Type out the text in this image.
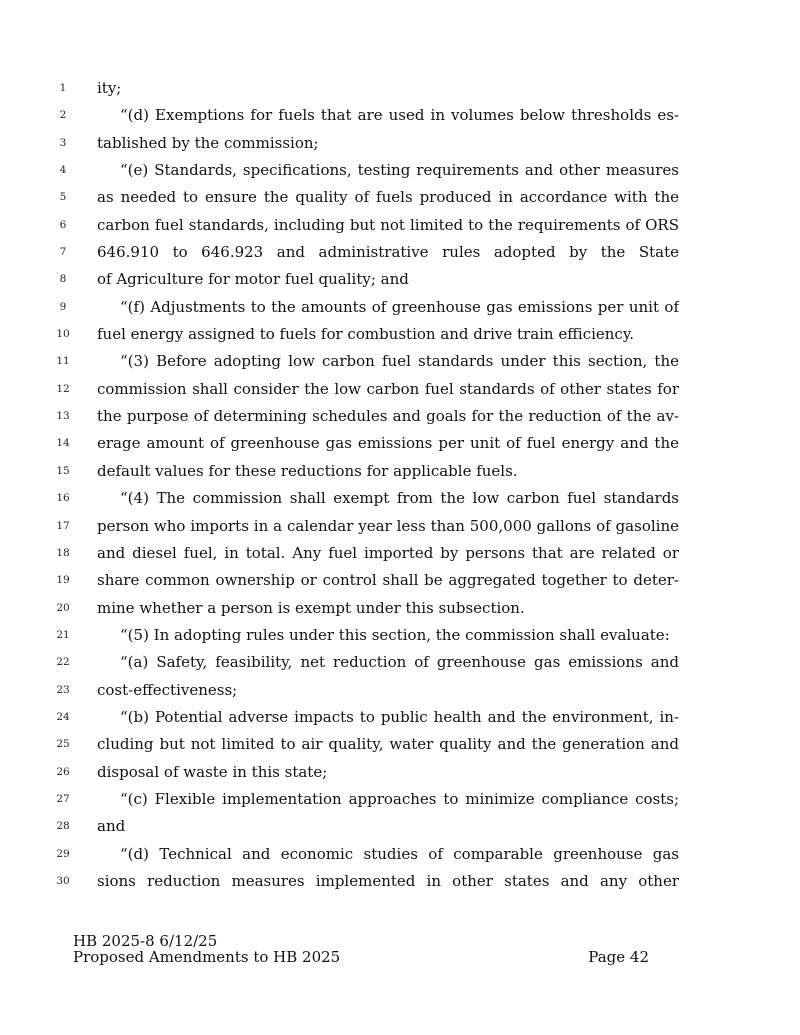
1	ity;
2	“(d) Exemptions for fuels that are used in volumes below thresholds es-
3	tablished by the commission;
4	“(e) Standards, specifications, testing requirements and other measures
5	as needed to ensure the quality of fuels produced in accordance with the
6	carbon fuel standards, including but not limited to the requirements of ORS
7	646.910 to 646.923 and administrative rules adopted by the State
8	of Agriculture for motor fuel quality; and
9	“(f) Adjustments to the amounts of greenhouse gas emissions per unit of
10	fuel energy assigned to fuels for combustion and drive train efficiency.
11	“(3) Before adopting low carbon fuel standards under this section, the
12	commission shall consider the low carbon fuel standards of other states for
13	the purpose of determining schedules and goals for the reduction of the av-
14	erage amount of greenhouse gas emissions per unit of fuel energy and the
15	default values for these reductions for applicable fuels.
16	“(4) The commission shall exempt from the low carbon fuel standards
17	person who imports in a calendar year less than 500,000 gallons of gasoline
18	and diesel fuel, in total. Any fuel imported by persons that are related or
19	share common ownership or control shall be aggregated together to deter-
20	mine whether a person is exempt under this subsection.
21	“(5) In adopting rules under this section, the commission shall evaluate:
22	“(a) Safety, feasibility, net reduction of greenhouse gas emissions and
23	cost-effectiveness;
24	“(b) Potential adverse impacts to public health and the environment, in-
25	cluding but not limited to air quality, water quality and the generation and
26	disposal of waste in this state;
27	“(c) Flexible implementation approaches to minimize compliance costs;
28	and
29	“(d) Technical and economic studies of comparable greenhouse gas
30	sions reduction measures implemented in other states and any other
HB 2025-8 6/12/25
Proposed Amendments to HB 2025	Page 42
